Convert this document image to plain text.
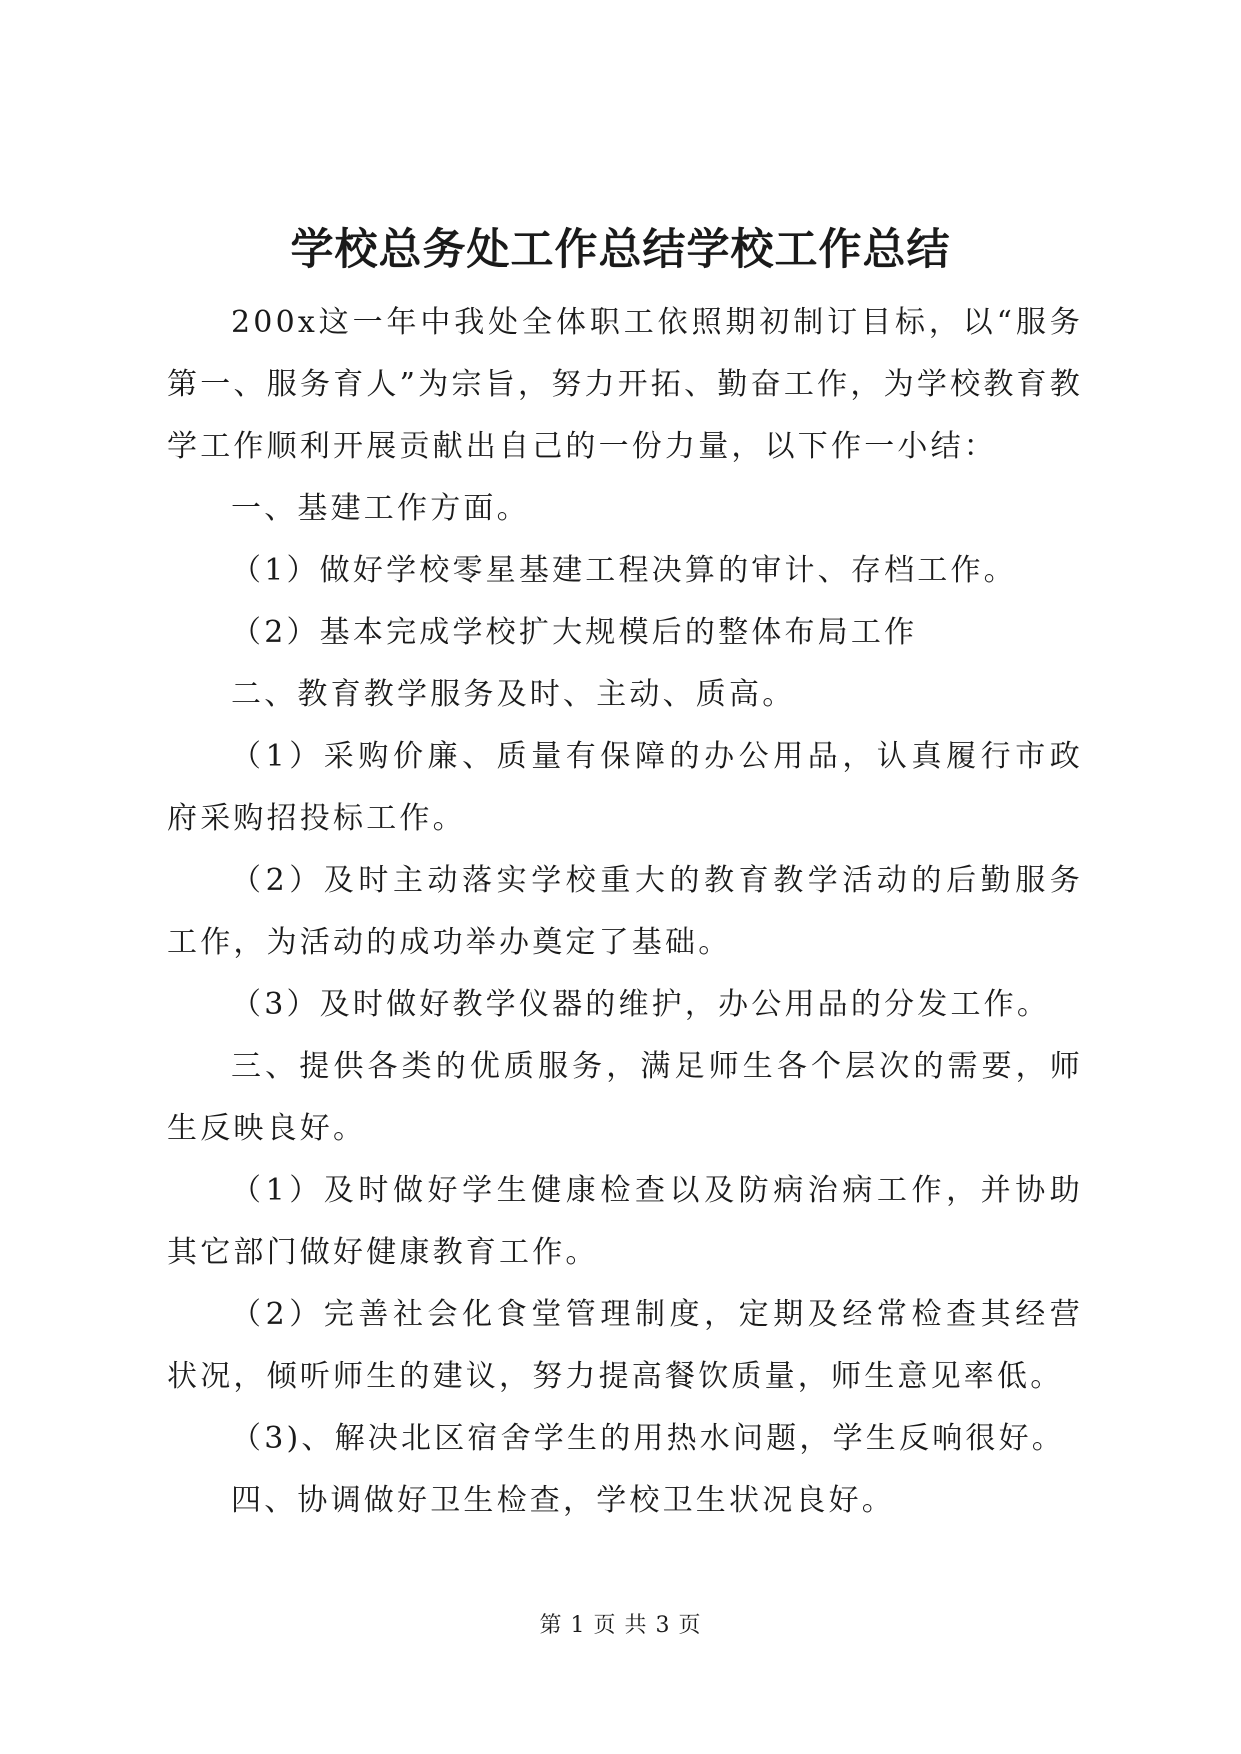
学校总务处工作总结学校工作总结

200x这一年中我处全体职工依照期初制订目标，以“服务第一、服务育人”为宗旨，努力开拓、勤奋工作，为学校教育教学工作顺利开展贡献出自己的一份力量，以下作一小结：

一、基建工作方面。

（1）做好学校零星基建工程决算的审计、存档工作。

（2）基本完成学校扩大规模后的整体布局工作

二、教育教学服务及时、主动、质高。

（1）采购价廉、质量有保障的办公用品，认真履行市政府采购招投标工作。

（2）及时主动落实学校重大的教育教学活动的后勤服务工作，为活动的成功举办奠定了基础。

（3）及时做好教学仪器的维护，办公用品的分发工作。

三、提供各类的优质服务，满足师生各个层次的需要，师生反映良好。

（1）及时做好学生健康检查以及防病治病工作，并协助其它部门做好健康教育工作。

（2）完善社会化食堂管理制度，定期及经常检查其经营状况，倾听师生的建议，努力提高餐饮质量，师生意见率低。

（3)、解决北区宿舍学生的用热水问题，学生反响很好。

四、协调做好卫生检查，学校卫生状况良好。

第 1 页 共 3 页
